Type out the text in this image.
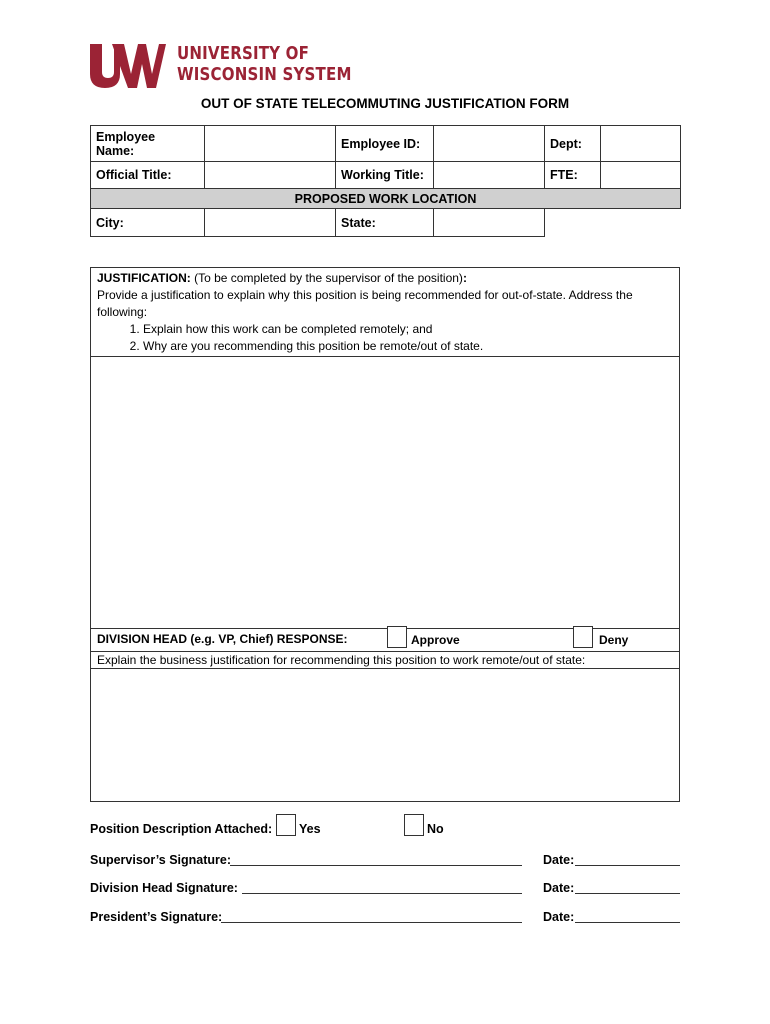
UNIVERSITY OF
WISCONSIN SYSTEM
OUT OF STATE TELECOMMUTING JUSTIFICATION FORM
Employee
Name:		Employee ID:		Dept:	
Official Title:		Working Title:		FTE:	
PROPOSED WORK LOCATION					
City:		State:			
JUSTIFICATION: (To be completed by the supervisor of the position):
Provide a justification to explain why this position is being recommended for out-of-state. Address the following:
1. Explain how this work can be completed remotely; and
2. Why are you recommending this position be remote/out of state.
DIVISION HEAD (e.g. VP, Chief) RESPONSE:	Approve	Deny
Explain the business justification for recommending this position to work remote/out of state:
Position Description Attached: Yes	No
Supervisor’s Signature:	Date:
Division Head Signature:	Date:
President’s Signature:	Date:
